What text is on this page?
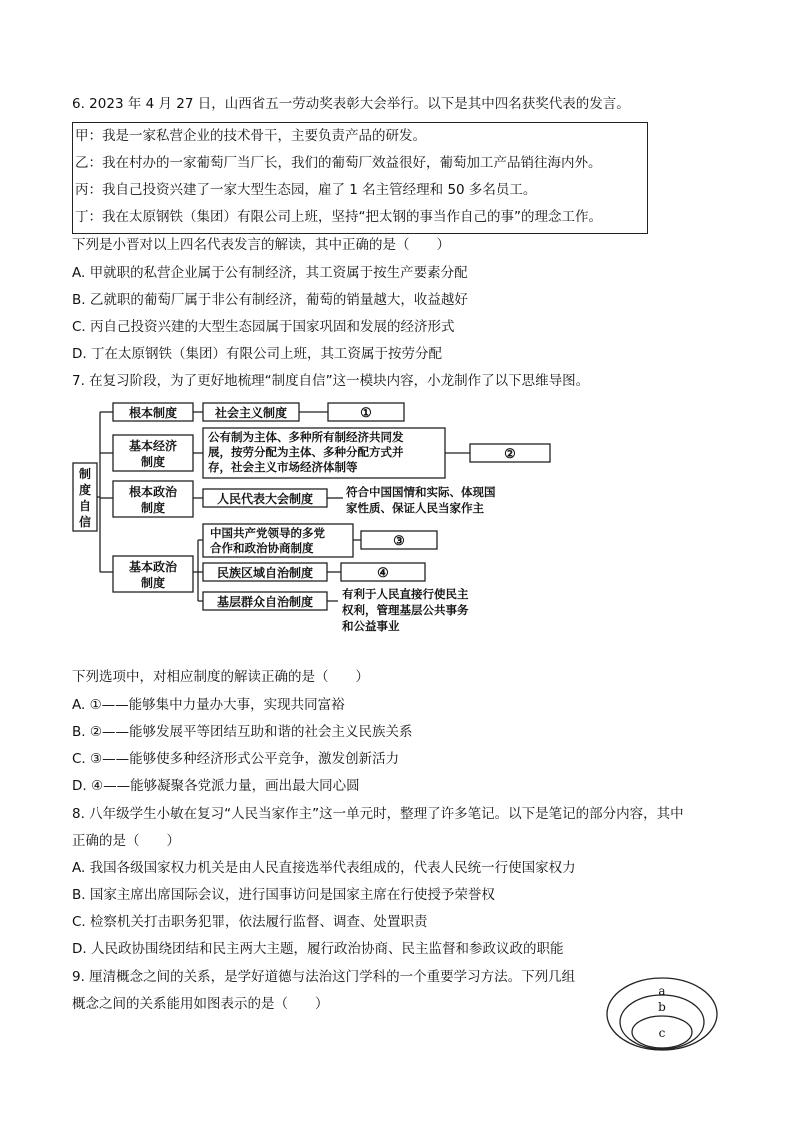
6. 2023 年 4 月 27 日，山西省五一劳动奖表彰大会举行。以下是其中四名获奖代表的发言。
甲：我是一家私营企业的技术骨干，主要负责产品的研发。
乙：我在村办的一家葡萄厂当厂长，我们的葡萄厂效益很好，葡萄加工产品销往海内外。
丙：我自己投资兴建了一家大型生态园，雇了 1 名主管经理和 50 多名员工。
丁：我在太原钢铁（集团）有限公司上班，坚持“把太钢的事当作自己的事”的理念工作。
下列是小晋对以上四名代表发言的解读，其中正确的是（　　）
A. 甲就职的私营企业属于公有制经济，其工资属于按生产要素分配
B. 乙就职的葡萄厂属于非公有制经济，葡萄的销量越大，收益越好
C. 丙自己投资兴建的大型生态园属于国家巩固和发展的经济形式
D. 丁在太原钢铁（集团）有限公司上班，其工资属于按劳分配
7. 在复习阶段，为了更好地梳理“制度自信”这一模块内容，小龙制作了以下思维导图。
制
度
自
信
根本制度	社会主义制度	①
基本经济
制度
公有制为主体、多种所有制经济共同发
展，按劳分配为主体、多种分配方式并
存，社会主义市场经济体制等
②
根本政治
制度
人民代表大会制度	符合中国国情和实际、体现国
家性质、保证人民当家作主
基本政治
制度
中国共产党领导的多党
合作和政治协商制度	③
民族区域自治制度	④
基层群众自治制度
有利于人民直接行使民主
权利，管理基层公共事务
和公益事业
下列选项中，对相应制度的解读正确的是（　　）
A. ①——能够集中力量办大事，实现共同富裕
B. ②——能够发展平等团结互助和谐的社会主义民族关系
C. ③——能够使多种经济形式公平竞争，激发创新活力
D. ④——能够凝聚各党派力量，画出最大同心圆
8. 八年级学生小敏在复习“人民当家作主”这一单元时，整理了许多笔记。以下是笔记的部分内容，其中
正确的是（　　）
A. 我国各级国家权力机关是由人民直接选举代表组成的，代表人民统一行使国家权力
B. 国家主席出席国际会议，进行国事访问是国家主席在行使授予荣誉权
C. 检察机关打击职务犯罪，依法履行监督、调查、处置职责
D. 人民政协围绕团结和民主两大主题，履行政治协商、民主监督和参政议政的职能
9. 厘清概念之间的关系，是学好道德与法治这门学科的一个重要学习方法。下列几组
概念之间的关系能用如图表示的是（　　）
a
b
c
